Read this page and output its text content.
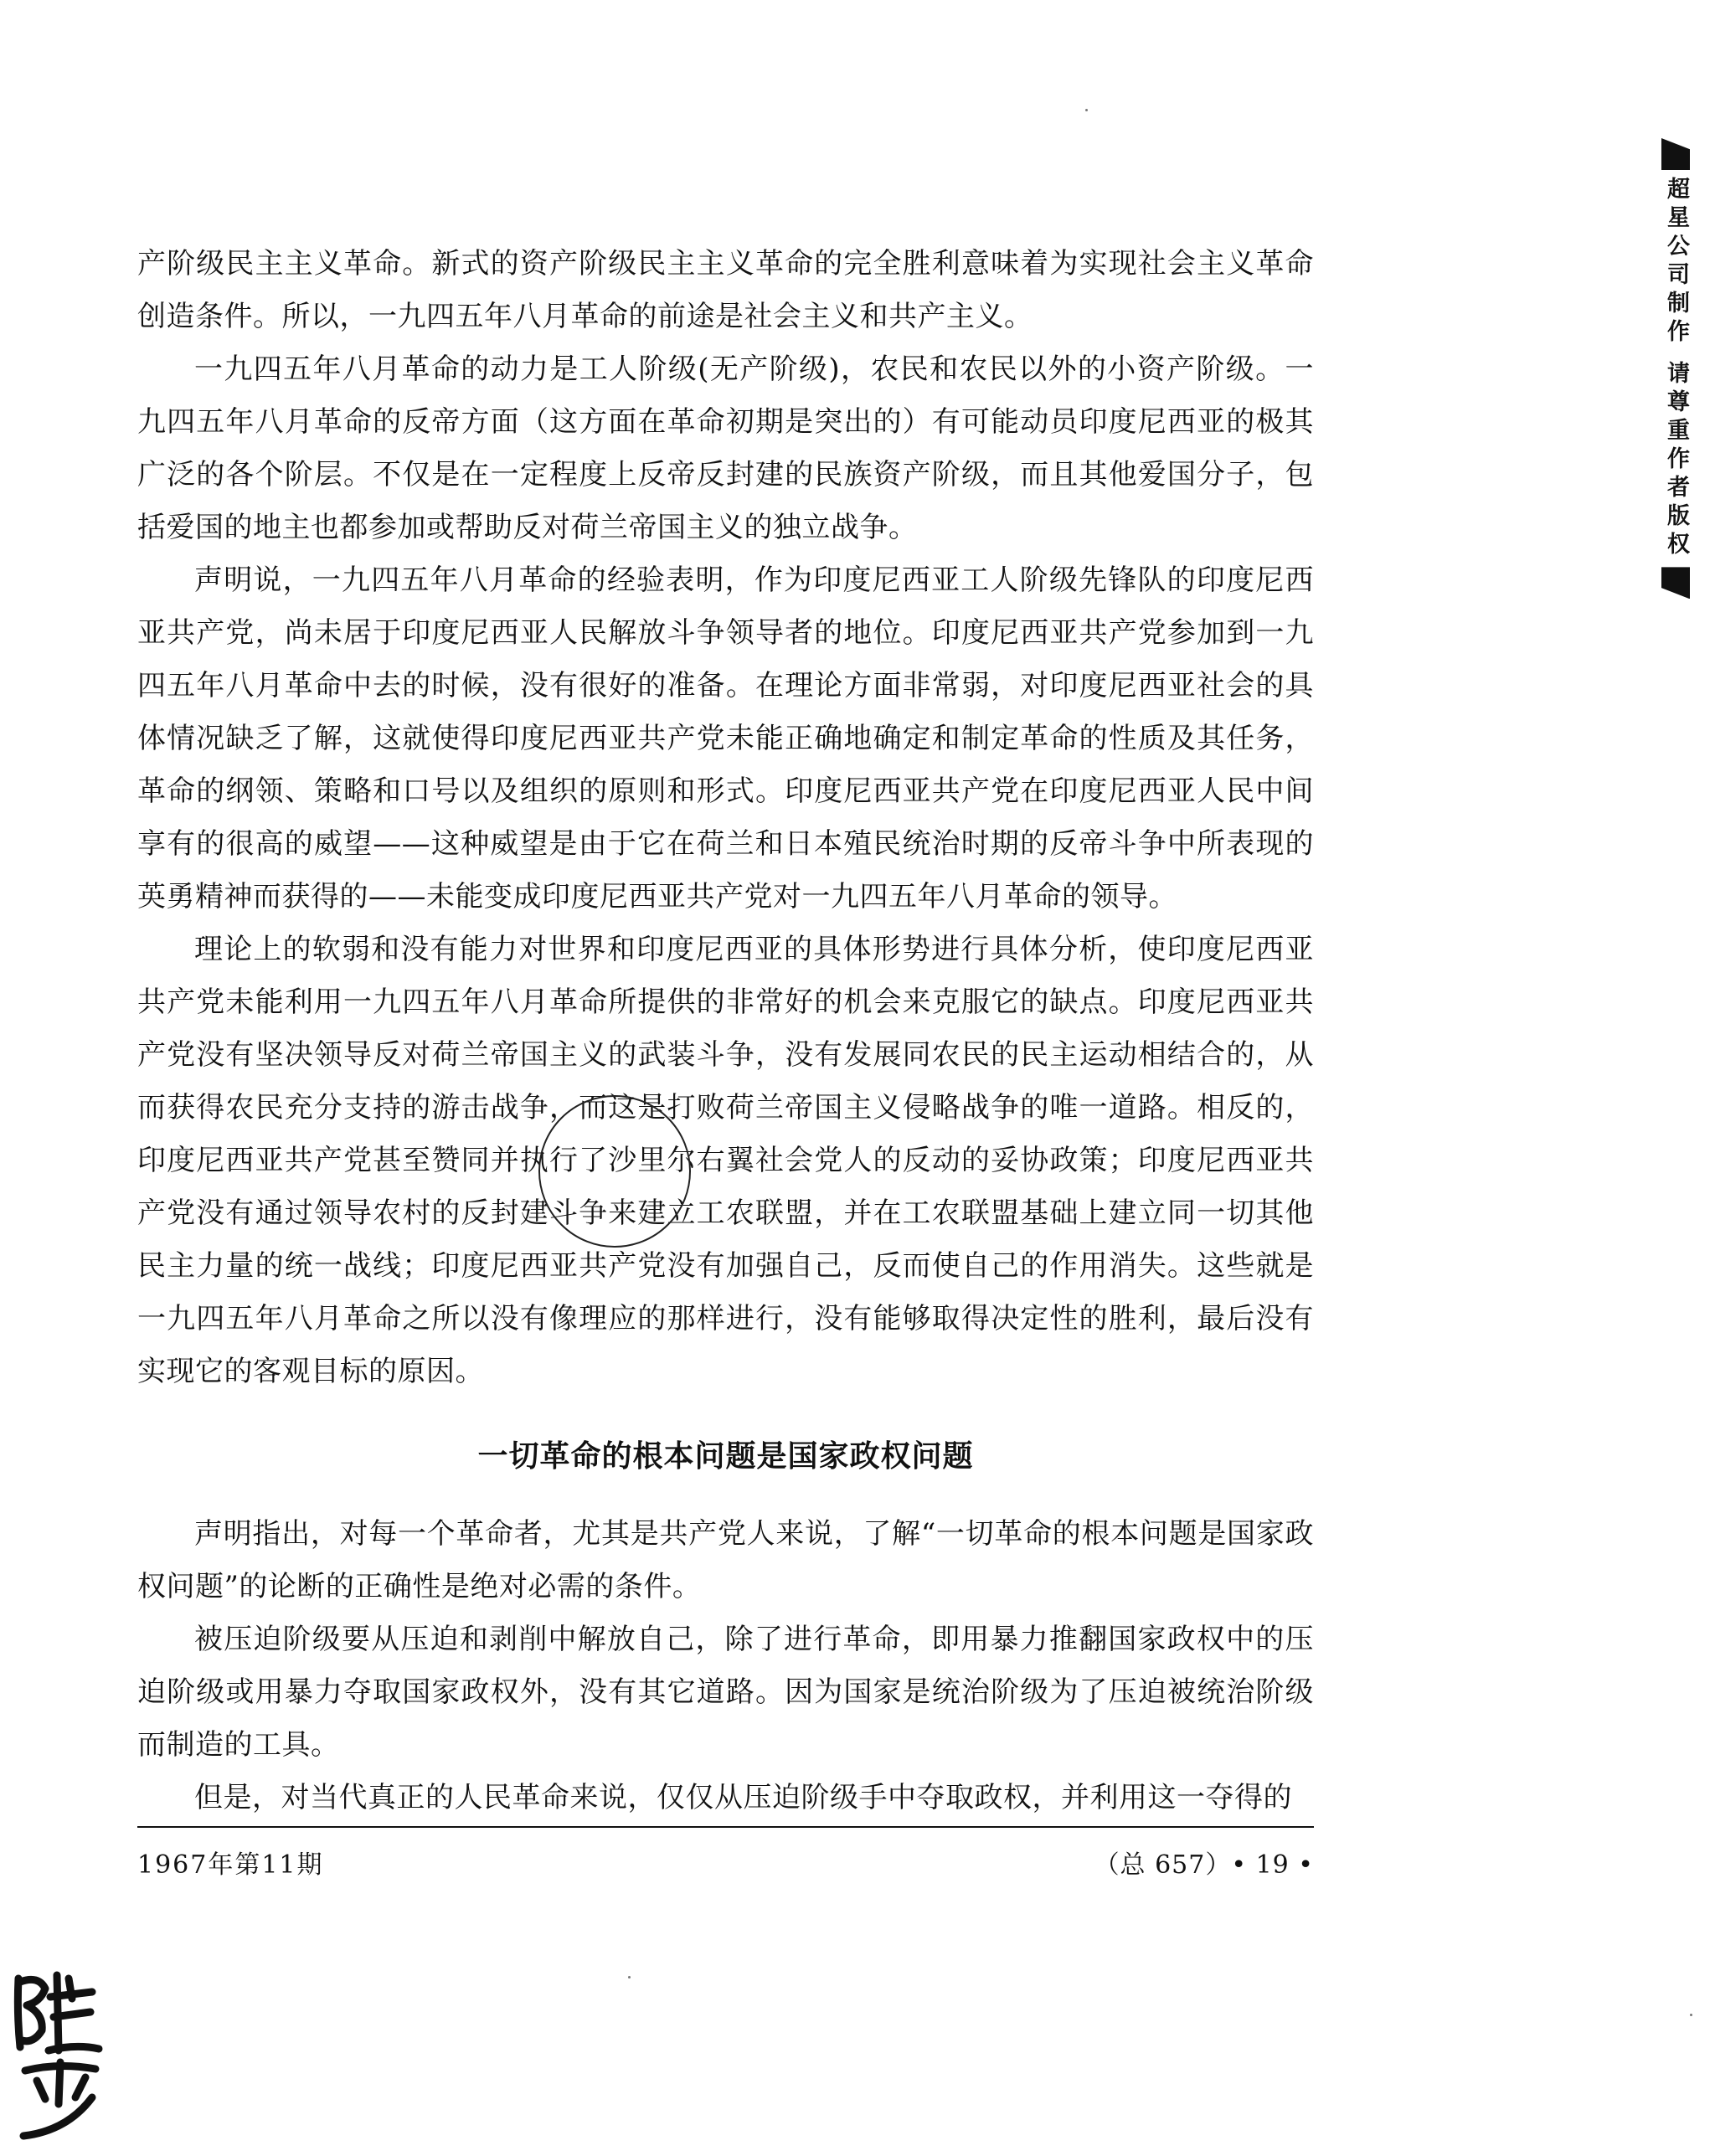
产阶级民主主义革命。新式的资产阶级民主主义革命的完全胜利意味着为实现社会主义革命创造条件。所以，一九四五年八月革命的前途是社会主义和共产主义。

一九四五年八月革命的动力是工人阶级(无产阶级)，农民和农民以外的小资产阶级。一九四五年八月革命的反帝方面（这方面在革命初期是突出的）有可能动员印度尼西亚的极其广泛的各个阶层。不仅是在一定程度上反帝反封建的民族资产阶级，而且其他爱国分子，包括爱国的地主也都参加或帮助反对荷兰帝国主义的独立战争。

声明说，一九四五年八月革命的经验表明，作为印度尼西亚工人阶级先锋队的印度尼西亚共产党，尚未居于印度尼西亚人民解放斗争领导者的地位。印度尼西亚共产党参加到一九四五年八月革命中去的时候，没有很好的准备。在理论方面非常弱，对印度尼西亚社会的具体情况缺乏了解，这就使得印度尼西亚共产党未能正确地确定和制定革命的性质及其任务，革命的纲领、策略和口号以及组织的原则和形式。印度尼西亚共产党在印度尼西亚人民中间享有的很高的威望——这种威望是由于它在荷兰和日本殖民统治时期的反帝斗争中所表现的英勇精神而获得的——未能变成印度尼西亚共产党对一九四五年八月革命的领导。

理论上的软弱和没有能力对世界和印度尼西亚的具体形势进行具体分析，使印度尼西亚共产党未能利用一九四五年八月革命所提供的非常好的机会来克服它的缺点。印度尼西亚共产党没有坚决领导反对荷兰帝国主义的武装斗争，没有发展同农民的民主运动相结合的，从而获得农民充分支持的游击战争，而这是打败荷兰帝国主义侵略战争的唯一道路。相反的，印度尼西亚共产党甚至赞同并执行了沙里尔右翼社会党人的反动的妥协政策；印度尼西亚共产党没有通过领导农村的反封建斗争来建立工农联盟，并在工农联盟基础上建立同一切其他民主力量的统一战线；印度尼西亚共产党没有加强自己，反而使自己的作用消失。这些就是一九四五年八月革命之所以没有像理应的那样进行，没有能够取得决定性的胜利，最后没有实现它的客观目标的原因。

一切革命的根本问题是国家政权问题

声明指出，对每一个革命者，尤其是共产党人来说，了解“一切革命的根本问题是国家政权问题”的论断的正确性是绝对必需的条件。

被压迫阶级要从压迫和剥削中解放自己，除了进行革命，即用暴力推翻国家政权中的压迫阶级或用暴力夺取国家政权外，没有其它道路。因为国家是统治阶级为了压迫被统治阶级而制造的工具。

但是，对当代真正的人民革命来说，仅仅从压迫阶级手中夺取政权，并利用这一夺得的

1967年第11期	（总 657）• 19 •
超星公司制作 请尊重作者版权
